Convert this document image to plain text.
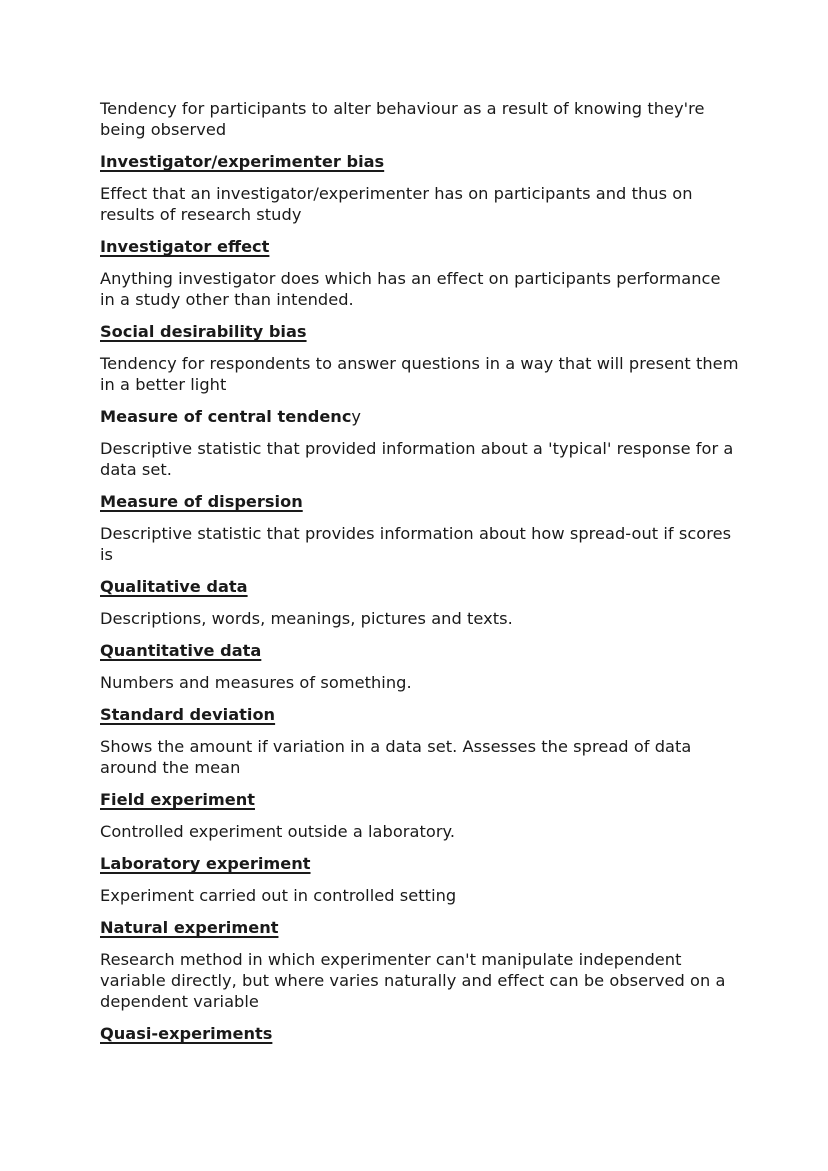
Tendency for participants to alter behaviour as a result of knowing they're being observed

Investigator/experimenter bias

Effect that an investigator/experimenter has on participants and thus on results of research study

Investigator effect

Anything investigator does which has an effect on participants performance in a study other than intended.

Social desirability bias

Tendency for respondents to answer questions in a way that will present them in a better light

Measure of central tendency

Descriptive statistic that provided information about a 'typical' response for a data set.

Measure of dispersion

Descriptive statistic that provides information about how spread-out if scores is

Qualitative data

Descriptions, words, meanings, pictures and texts.

Quantitative data

Numbers and measures of something.

Standard deviation

Shows the amount if variation in a data set. Assesses the spread of data around the mean

Field experiment

Controlled experiment outside a laboratory.

Laboratory experiment

Experiment carried out in controlled setting

Natural experiment

Research method in which experimenter can't manipulate independent variable directly, but where varies naturally and effect can be observed on a dependent variable

Quasi-experiments
